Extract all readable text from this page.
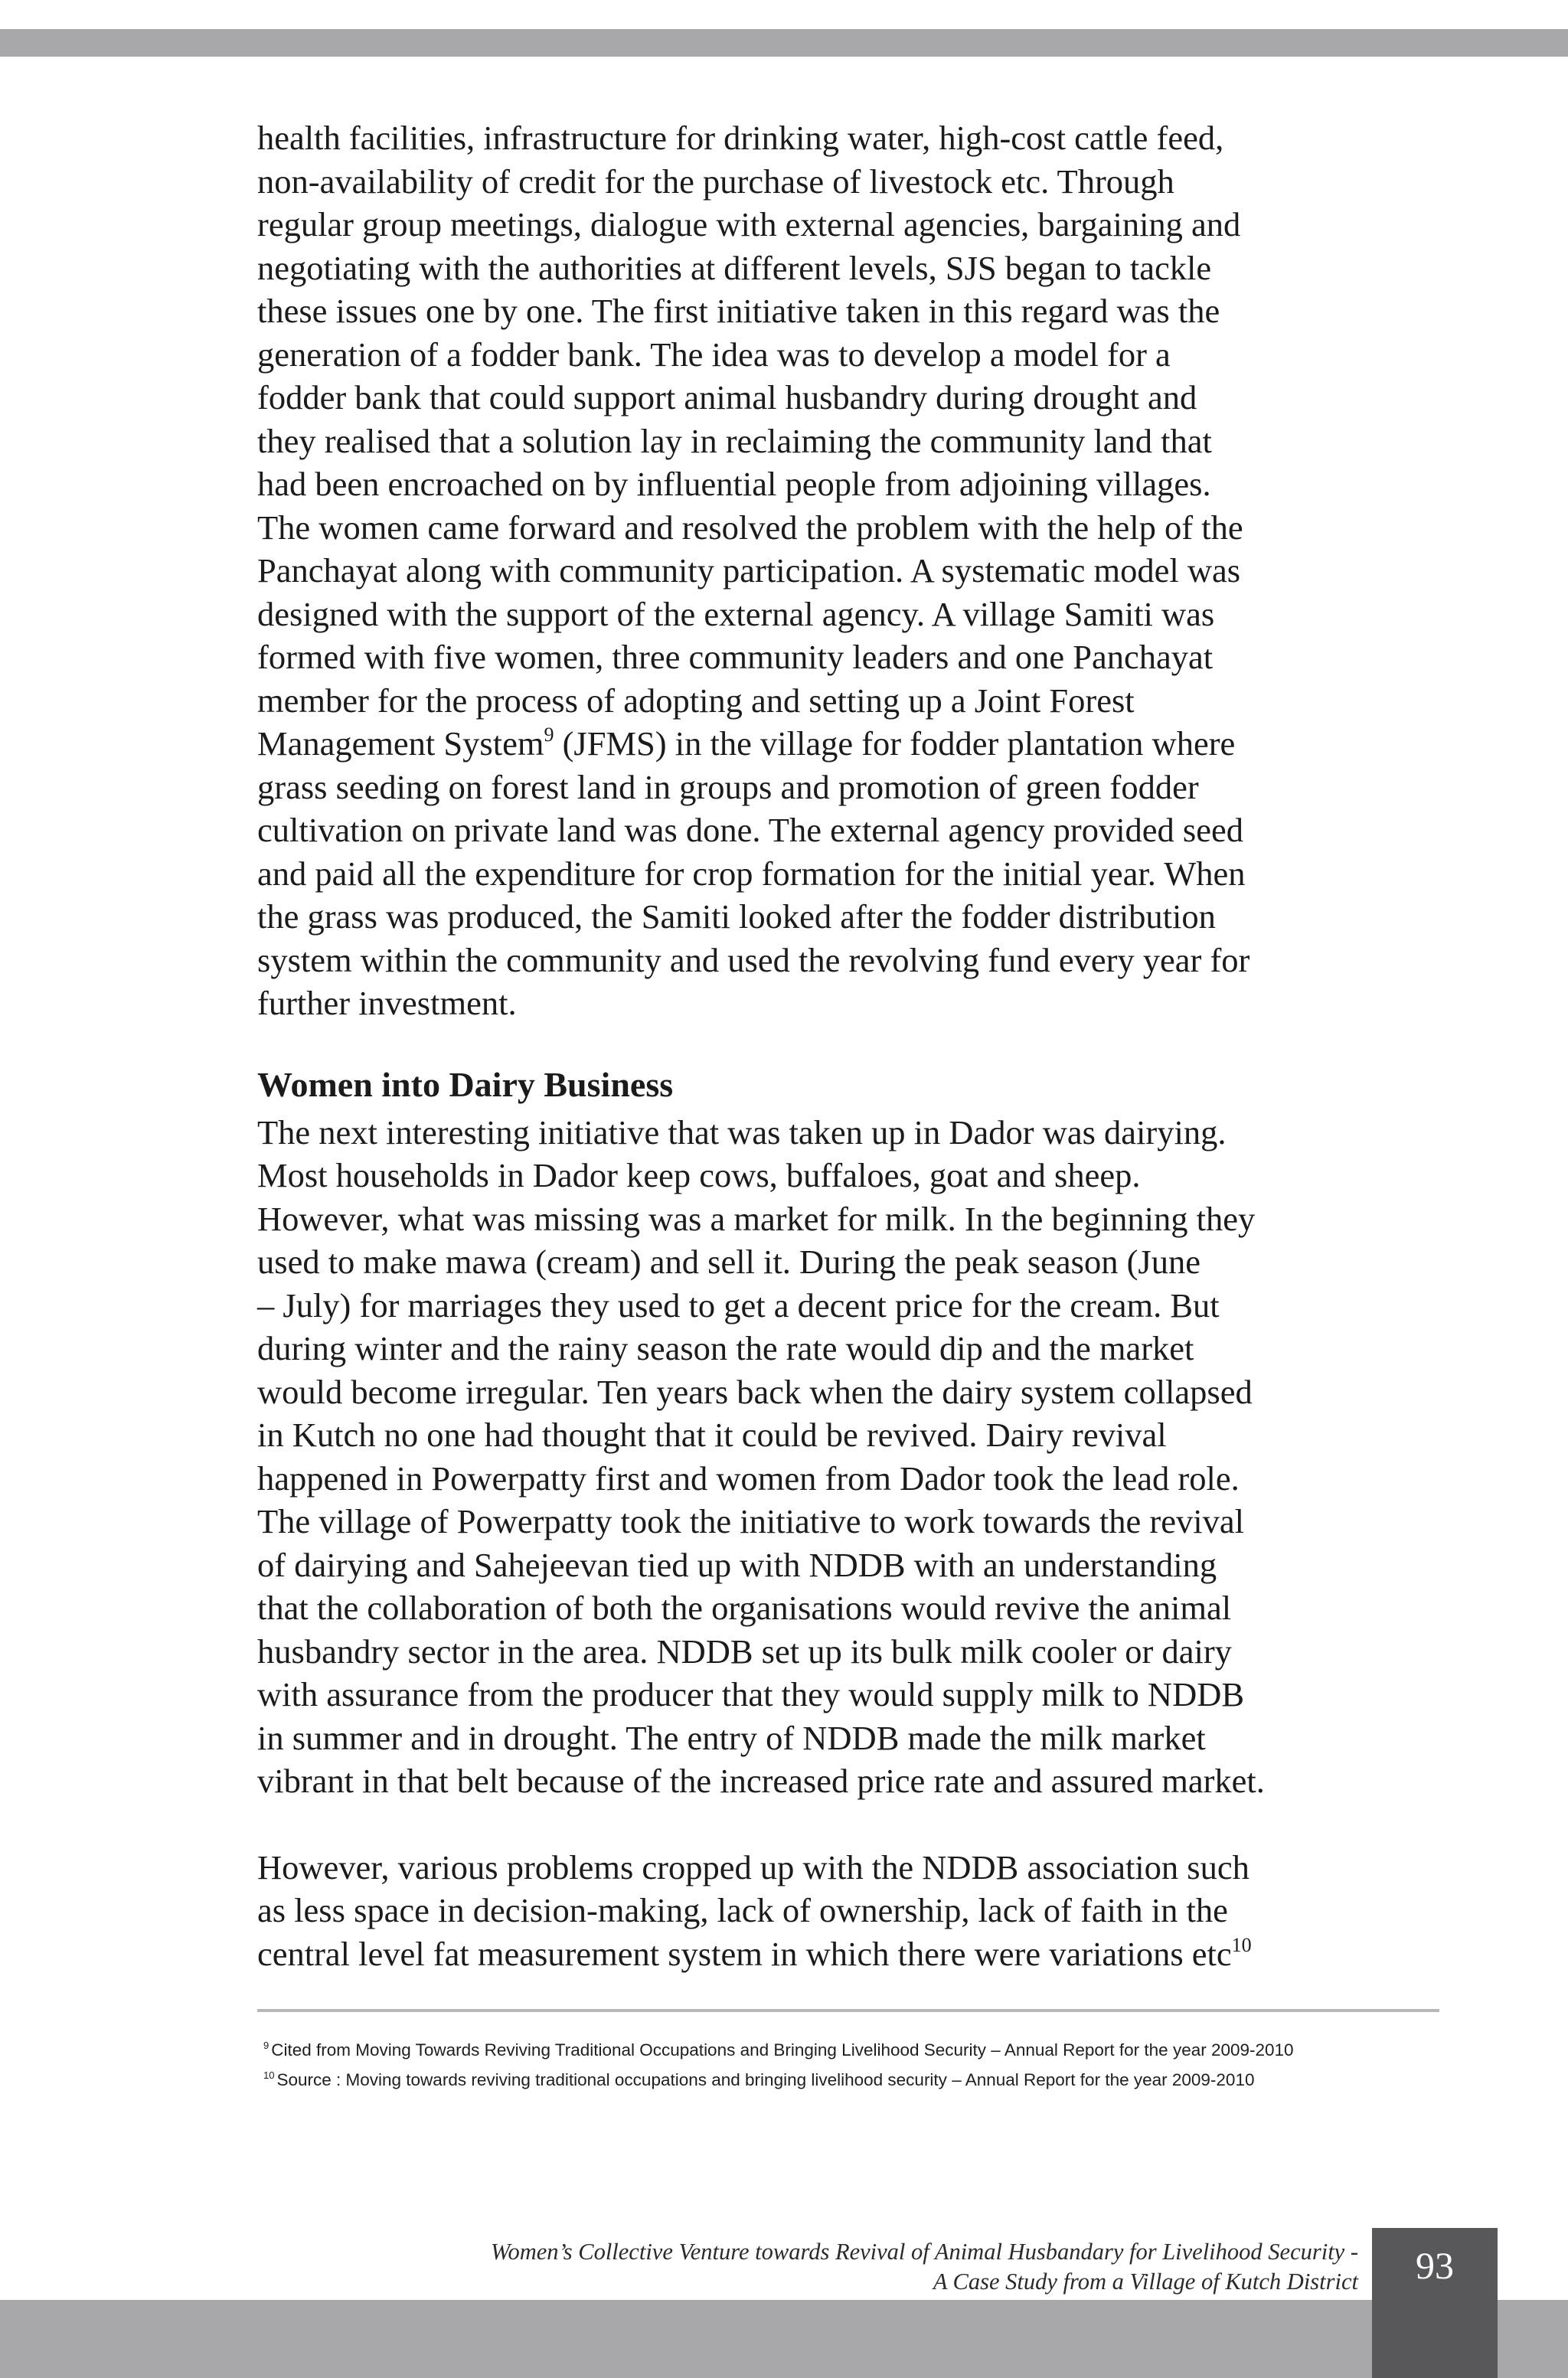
health facilities, infrastructure for drinking water, high-cost cattle feed,
non-availability of credit for the purchase of livestock etc. Through
regular group meetings, dialogue with external agencies, bargaining and
negotiating with the authorities at different levels, SJS began to tackle
these issues one by one. The first initiative taken in this regard was the
generation of a fodder bank. The idea was to develop a model for a
fodder bank that could support animal husbandry during drought and
they realised that a solution lay in reclaiming the community land that
had been encroached on by influential people from adjoining villages.
The women came forward and resolved the problem with the help of the
Panchayat along with community participation. A systematic model was
designed with the support of the external agency. A village Samiti was
formed with five women, three community leaders and one Panchayat
member for the process of adopting and setting up a Joint Forest
Management System$^9$ (JFMS) in the village for fodder plantation where
grass seeding on forest land in groups and promotion of green fodder
cultivation on private land was done. The external agency provided seed
and paid all the expenditure for crop formation for the initial year. When
the grass was produced, the Samiti looked after the fodder distribution
system within the community and used the revolving fund every year for
further investment.

Women into Dairy Business

The next interesting initiative that was taken up in Dador was dairying.
Most households in Dador keep cows, buffaloes, goat and sheep.
However, what was missing was a market for milk. In the beginning they
used to make mawa (cream) and sell it. During the peak season (June
– July) for marriages they used to get a decent price for the cream. But
during winter and the rainy season the rate would dip and the market
would become irregular. Ten years back when the dairy system collapsed
in Kutch no one had thought that it could be revived. Dairy revival
happened in Powerpatty first and women from Dador took the lead role.
The village of Powerpatty took the initiative to work towards the revival
of dairying and Sahejeevan tied up with NDDB with an understanding
that the collaboration of both the organisations would revive the animal
husbandry sector in the area. NDDB set up its bulk milk cooler or dairy
with assurance from the producer that they would supply milk to NDDB
in summer and in drought. The entry of NDDB made the milk market
vibrant in that belt because of the increased price rate and assured market.

However, various problems cropped up with the NDDB association such
as less space in decision-making, lack of ownership, lack of faith in the
central level fat measurement system in which there were variations etc$^{10}$

$^9$ Cited from Moving Towards Reviving Traditional Occupations and Bringing Livelihood Security – Annual Report for the year 2009-2010

$^{10}$ Source : Moving towards reviving traditional occupations and bringing livelihood security – Annual Report for the year 2009-2010

Women’s Collective Venture towards Revival of Animal Husbandary for Livelihood Security -
A Case Study from a Village of Kutch District	93
